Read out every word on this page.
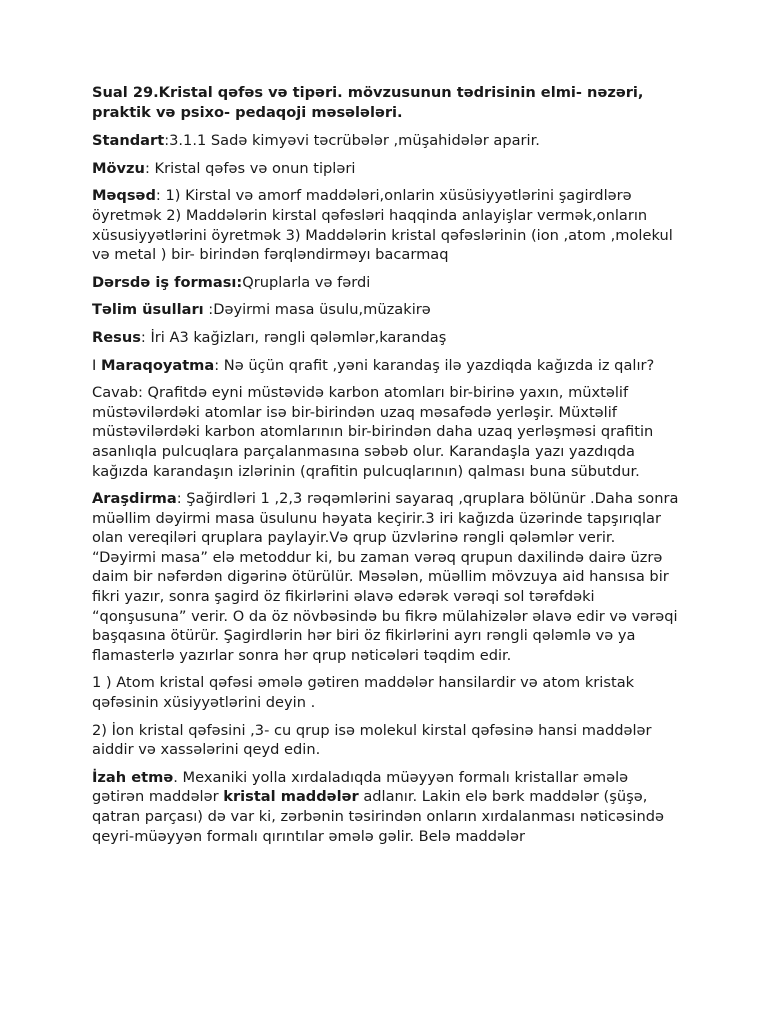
Sual 29.Kristal qəfəs və tipəri. mövzusunun tədrisinin elmi- nəzəri, praktik və psixo- pedaqoji məsələləri.

Standart:3.1.1 Sadə kimyəvi təcrübələr ,müşahidələr aparir.

Mövzu: Kristal qəfəs və onun tipləri

Məqsəd: 1) Kirstal və amorf maddələri,onlarin xüsüsiyyətlərini şagirdlərə öyretmək 2) Maddələrin kirstal qəfəsləri haqqinda anlayişlar vermək,onların xüsusiyyətlərini öyretmək 3) Maddələrin kristal qəfəslərinin (ion ,atom ,molekul və metal ) bir- birindən fərqləndirməyı bacarmaq

Dərsdə iş forması:Qruplarla və fərdi

Təlim üsulları :Dəyirmi masa üsulu,müzakirə

Resus: İri A3 kağizları, rəngli qələmlər,karandaş

I Maraqoyatma: Nə üçün qrafit ,yəni karandaş ilə yazdiqda kağızda iz qalır?

Cavab: Qrafitdə eyni müstəvidə karbon atomları bir-birinə yaxın, müxtəlif müstəvilərdəki atomlar isə bir-birindən uzaq məsafədə yerləşir. Müxtəlif müstəvilərdəki karbon atomlarının bir-birindən daha uzaq yerləşməsi qrafitin asanlıqla pulcuqlara parçalanmasına səbəb olur. Karandaşla yazı yazdıqda kağızda karandaşın izlərinin (qrafitin pulcuqlarının) qalması buna sübutdur.

Araşdirma: Şağirdləri 1 ,2,3 rəqəmlərini sayaraq ,qruplara bölünür .Daha sonra müəllim dəyirmi masa üsulunu həyata keçirir.3 iri kağızda üzərinde tapşırıqlar olan vereqiləri qruplara paylayir.Və qrup üzvlərinə rəngli qələmlər verir. “Dəyirmi masa” elə metoddur ki, bu zaman vərəq qrupun daxilində dairə üzrə daim bir nəfərdən digərinə ötürülür. Məsələn, müəllim mövzuya aid hansısa bir fikri yazır, sonra şagird öz fikirlərini əlavə edərək vərəqi sol tərəfdəki “qonşusuna” verir. O da öz növbəsində bu fikrə mülahizələr əlavə edir və vərəqi başqasına ötürür. Şagirdlərin hər biri öz fikirlərini ayrı rəngli qələmlə və ya flamasterlə yazırlar sonra hər qrup nəticələri təqdim edir.

1 ) Atom kristal qəfəsi əmələ gətiren maddələr hansilardir və atom kristak qəfəsinin xüsiyyətlərini deyin .

2) İon kristal qəfəsini ,3- cu qrup isə molekul kirstal qəfəsinə hansi maddələr aiddir və xassələrini qeyd edin.

İzah etmə. Mexaniki yolla xırdaladıqda müəyyən formalı kristallar əmələ gətirən maddələr kristal maddələr adlanır. Lakin elə bərk maddələr (şüşə, qatran parçası) də var ki, zərbənin təsirindən onların xırdalanması nəticəsində qeyri-müəyyən formalı qırıntılar əmələ gəlir. Belə maddələr
